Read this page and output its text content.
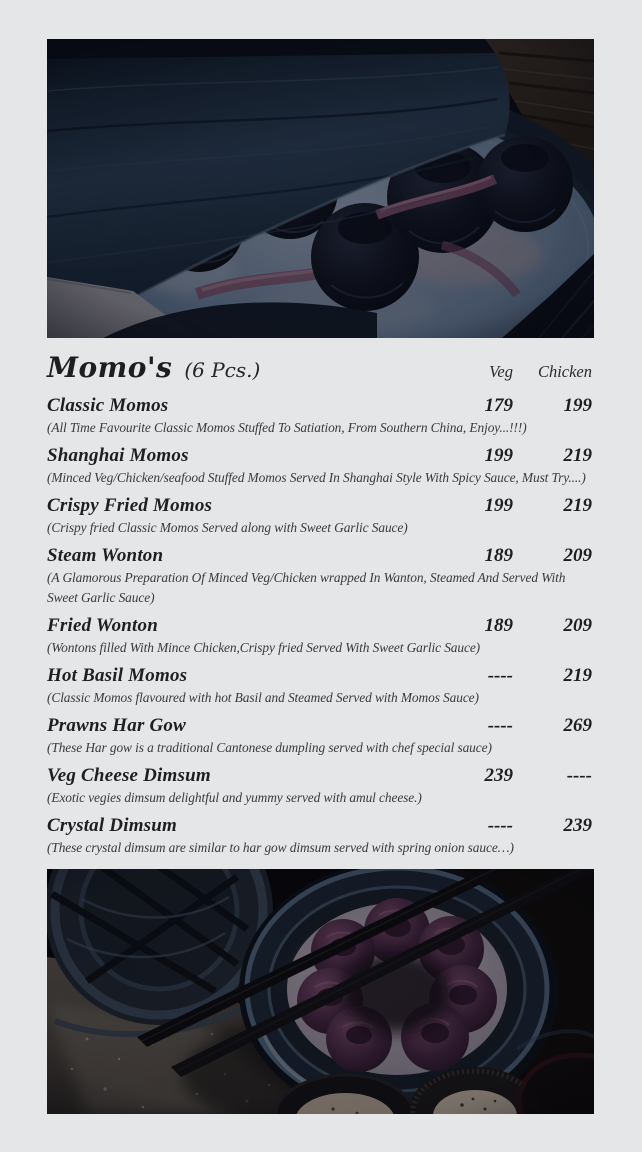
Momo's (6 Pcs.)	Veg	Chicken
Classic Momos	179	199

(All Time Favourite Classic Momos Stuffed To Satiation, From Southern China, Enjoy...!!!)

Shanghai Momos	199	219

(Minced Veg/Chicken/seafood Stuffed Momos Served In Shanghai Style With Spicy Sauce, Must Try....)

Crispy Fried Momos	199	219

(Crispy fried Classic Momos Served along with Sweet Garlic Sauce)

Steam Wonton	189	209

(A Glamorous Preparation Of Minced Veg/Chicken wrapped In Wanton, Steamed And Served With Sweet Garlic Sauce)

Fried Wonton	189	209

(Wontons filled With Mince Chicken,Crispy fried Served With Sweet Garlic Sauce)

Hot Basil Momos	----	219

(Classic Momos flavoured with hot Basil and Steamed Served with Momos Sauce)

Prawns Har Gow	----	269

(These Har gow is a traditional Cantonese dumpling served with chef special sauce)

Veg Cheese Dimsum	239	----

(Exotic vegies dimsum delightful and yummy served with amul cheese.)

Crystal Dimsum	----	239

(These crystal dimsum are similar to har gow dimsum served with spring onion sauce…)
